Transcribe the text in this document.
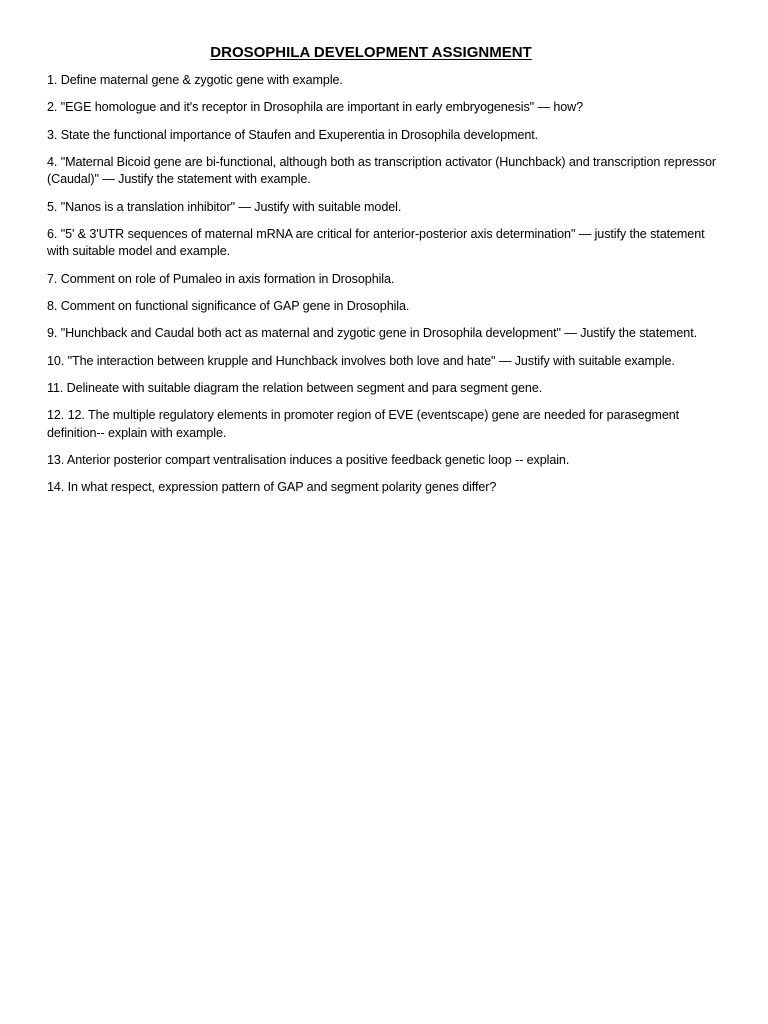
DROSOPHILA DEVELOPMENT ASSIGNMENT
1. Define maternal gene & zygotic gene with example.
2. "EGE homologue and it's receptor in Drosophila are important in early embryogenesis" — how?
3. State the functional importance of Staufen and Exuperentia in Drosophila development.
4. "Maternal Bicoid gene are bi-functional, although both as transcription activator (Hunchback) and transcription repressor (Caudal)" — Justify the statement with example.
5. "Nanos is a translation inhibitor" — Justify with suitable model.
6. "5' & 3'UTR sequences of maternal mRNA are critical for anterior-posterior axis determination" — justify the statement with suitable model and example.
7. Comment on role of Pumaleo in axis formation in Drosophila.
8. Comment on functional significance of GAP gene in Drosophila.
9. "Hunchback and Caudal both act as maternal and zygotic gene in Drosophila development" — Justify the statement.
10. "The interaction between krupple and Hunchback involves both love and hate" — Justify with suitable example.
11. Delineate with suitable diagram the relation between segment and para segment gene.
12. 12. The multiple regulatory elements in promoter region of EVE (eventscape) gene are needed for parasegment definition-- explain with example.
13. Anterior posterior compart ventralisation induces a positive feedback genetic loop -- explain.
14. In what respect, expression pattern of GAP and segment polarity genes differ?
